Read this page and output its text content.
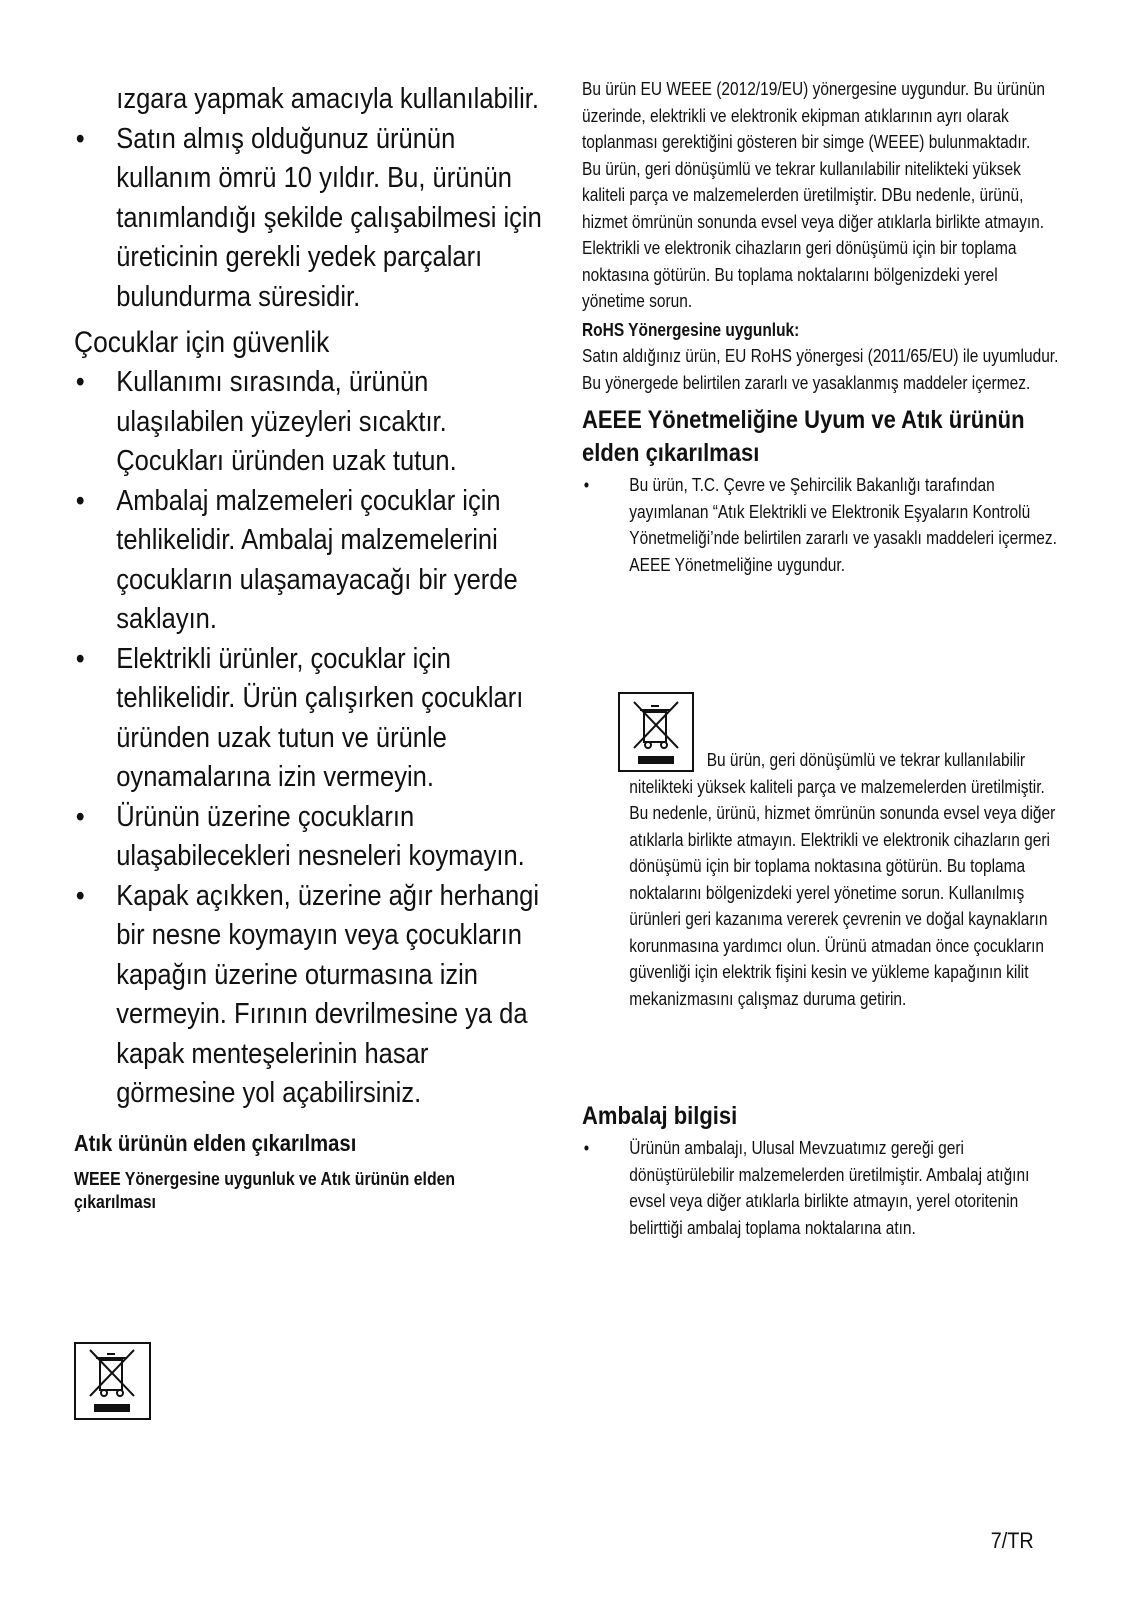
ızgara yapmak amacıyla kullanılabilir.
• Satın almış olduğunuz ürünün kullanım ömrü 10 yıldır. Bu, ürünün tanımlandığı şekilde çalışabilmesi için üreticinin gerekli yedek parçaları bulundurma süresidir.
Çocuklar için güvenlik
• Kullanımı sırasında, ürünün ulaşılabilen yüzeyleri sıcaktır. Çocukları üründen uzak tutun.
• Ambalaj malzemeleri çocuklar için tehlikelidir. Ambalaj malzemelerini çocukların ulaşamayacağı bir yerde saklayın.
• Elektrikli ürünler, çocuklar için tehlikelidir. Ürün çalışırken çocukları üründen uzak tutun ve ürünle oynamalarına izin vermeyin.
• Ürünün üzerine çocukların ulaşabilecekleri nesneleri koymayın.
• Kapak açıkken, üzerine ağır herhangi bir nesne koymayın veya çocukların kapağın üzerine oturmasına izin vermeyin. Fırının devrilmesine ya da kapak menteşelerinin hasar görmesine yol açabilirsiniz.
Atık ürünün elden çıkarılması
WEEE Yönergesine uygunluk ve Atık ürünün elden çıkarılması

Bu ürün EU WEEE (2012/19/EU) yönergesine uygundur. Bu ürünün üzerinde, elektrikli ve elektronik ekipman atıklarının ayrı olarak toplanması gerektiğini gösteren bir simge (WEEE) bulunmaktadır.

Bu ürün, geri dönüşümlü ve tekrar kullanılabilir nitelikteki yüksek kaliteli parça ve malzemelerden üretilmiştir. DBu nedenle, ürünü, hizmet ömrünün sonunda evsel veya diğer atıklarla birlikte atmayın. Elektrikli ve elektronik cihazların geri dönüşümü için bir toplama noktasına götürün. Bu toplama noktalarını bölgenizdeki yerel yönetime sorun.

RoHS Yönergesine uygunluk:

Satın aldığınız ürün, EU RoHS yönergesi (2011/65/EU) ile uyumludur. Bu yönergede belirtilen zararlı ve yasaklanmış maddeler içermez.

AEEE Yönetmeliğine Uyum ve Atık ürünün elden çıkarılması
• Bu ürün, T.C. Çevre ve Şehircilik Bakanlığı tarafından yayımlanan “Atık Elektrikli ve Elektronik Eşyaların Kontrolü Yönetmeliği’nde belirtilen zararlı ve yasaklı maddeleri içermez. AEEE Yönetmeliğine uygundur.
• Bu ürün, geri dönüşümlü ve tekrar kullanılabilir nitelikteki yüksek kaliteli parça ve malzemelerden üretilmiştir. Bu nedenle, ürünü, hizmet ömrünün sonunda evsel veya diğer atıklarla birlikte atmayın. Elektrikli ve elektronik cihazların geri dönüşümü için bir toplama noktasına götürün. Bu toplama noktalarını bölgenizdeki yerel yönetime sorun. Kullanılmış ürünleri geri kazanıma vererek çevrenin ve doğal kaynakların korunmasına yardımcı olun. Ürünü atmadan önce çocukların güvenliği için elektrik fişini kesin ve yükleme kapağının kilit mekanizmasını çalışmaz duruma getirin.
Ambalaj bilgisi
• Ürünün ambalajı, Ulusal Mevzuatımız gereği geri dönüştürülebilir malzemelerden üretilmiştir. Ambalaj atığını evsel veya diğer atıklarla birlikte atmayın, yerel otoritenin belirttiği ambalaj toplama noktalarına atın.
7/TR
